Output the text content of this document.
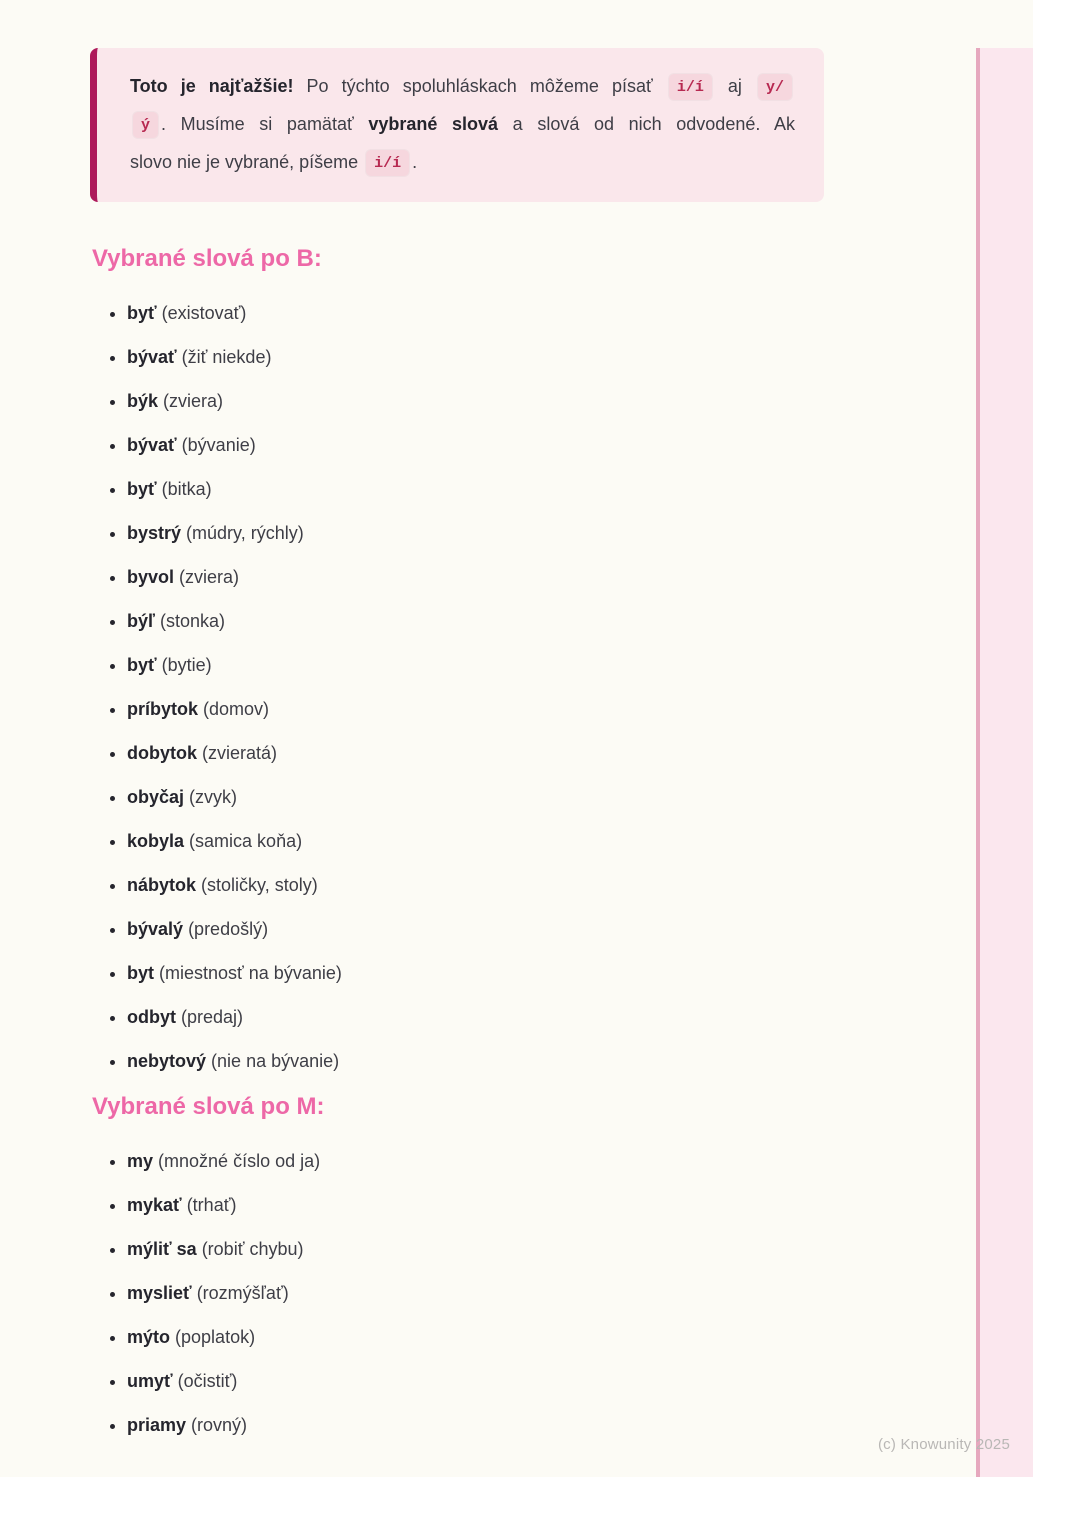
Toto je najťažšie! Po týchto spoluhláskach môžeme písať i/í aj y/
ý . Musíme si pamätať vybrané slová a slová od nich odvodené. Ak
slovo nie je vybrané, píšeme i/í .
Vybrané slová po B:
• byť (existovať)
• bývať (žiť niekde)
• býk (zviera)
• bývať (bývanie)
• byť (bitka)
• bystrý (múdry, rýchly)
• byvol (zviera)
• býľ (stonka)
• byť (bytie)
• príbytok (domov)
• dobytok (zvieratá)
• obyčaj (zvyk)
• kobyla (samica koňa)
• nábytok (stoličky, stoly)
• bývalý (predošlý)
• byt (miestnosť na bývanie)
• odbyt (predaj)
• nebytový (nie na bývanie)
Vybrané slová po M:
• my (množné číslo od ja)
• mykať (trhať)
• mýliť sa (robiť chybu)
• myslieť (rozmýšľať)
• mýto (poplatok)
• umyť (očistiť)
• priamy (rovný)
(c) Knowunity 2025
